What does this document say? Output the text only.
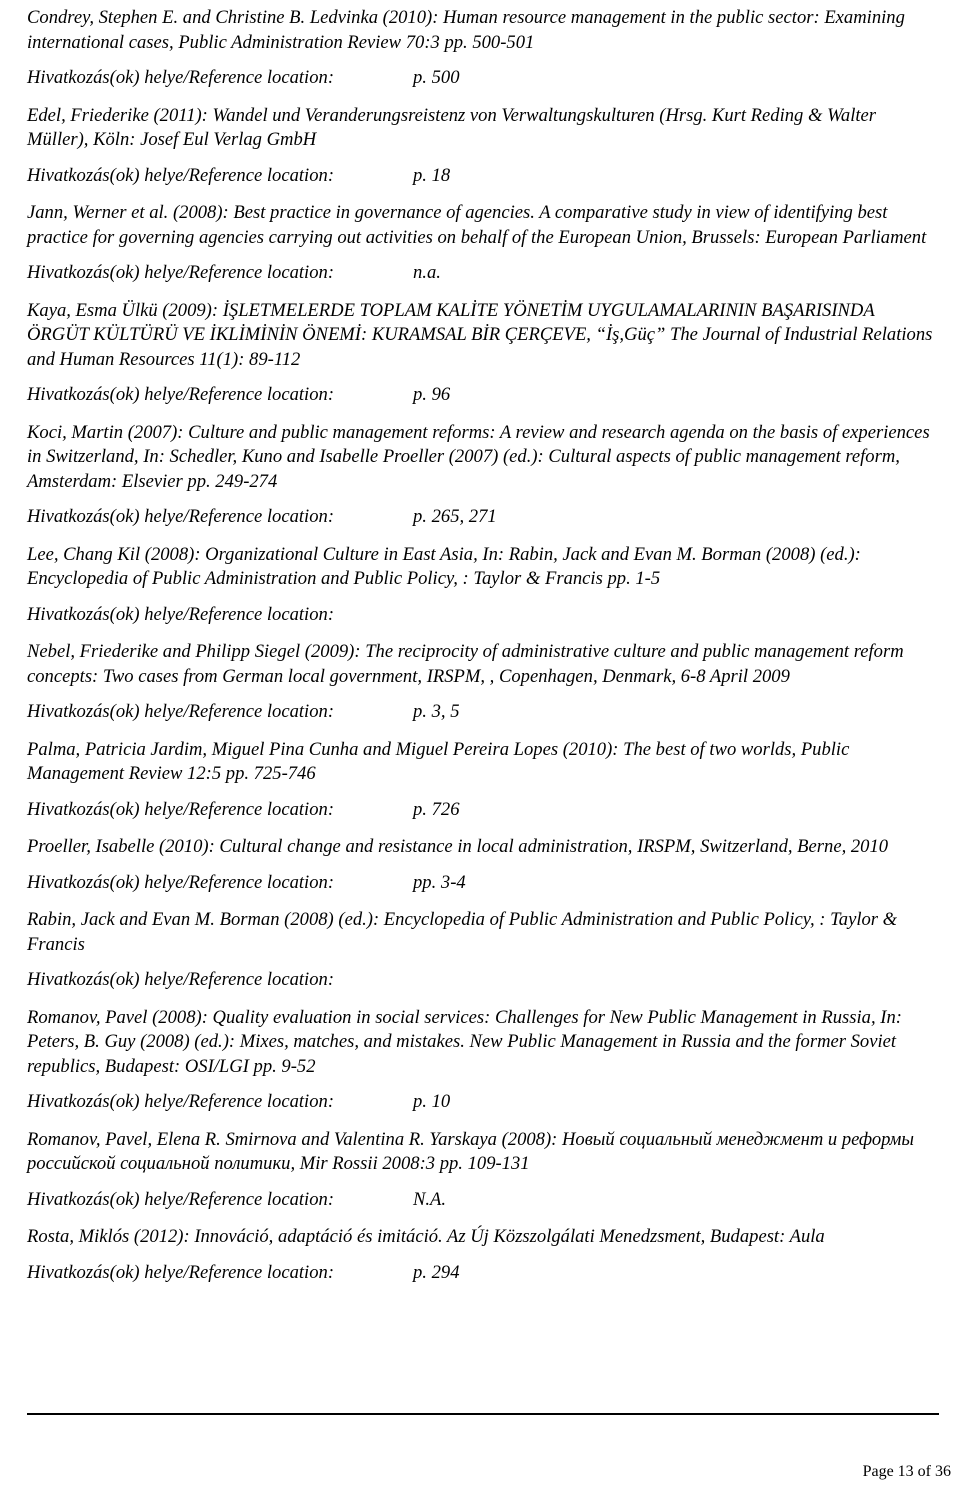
Condrey, Stephen E. and Christine B. Ledvinka (2010): Human resource management in the public sector: Examining international cases, Public Administration Review 70:3 pp. 500-501

Hivatkozás(ok) helye/Reference location:	p. 500

Edel, Friederike (2011): Wandel und Veranderungsreistenz von Verwaltungskulturen (Hrsg. Kurt Reding & Walter Müller), Köln: Josef Eul Verlag GmbH

Hivatkozás(ok) helye/Reference location:	p. 18

Jann, Werner et al. (2008): Best practice in governance of agencies. A comparative study in view of identifying best practice for governing agencies carrying out activities on behalf of the European Union, Brussels: European Parliament

Hivatkozás(ok) helye/Reference location:	n.a.

Kaya, Esma Ülkü (2009): İŞLETMELERDE TOPLAM KALİTE YÖNETİM UYGULAMALARININ BAŞARISINDA ÖRGÜT KÜLTÜRÜ VE İKLİMİNİN ÖNEMİ: KURAMSAL BİR ÇERÇEVE, “İş,Güç” The Journal of Industrial Relations and Human Resources 11(1): 89-112

Hivatkozás(ok) helye/Reference location:	p. 96

Koci, Martin (2007): Culture and public management reforms: A review and research agenda on the basis of experiences in Switzerland, In: Schedler, Kuno and Isabelle Proeller (2007) (ed.): Cultural aspects of public management reform, Amsterdam: Elsevier pp. 249-274

Hivatkozás(ok) helye/Reference location:	p. 265, 271

Lee, Chang Kil (2008): Organizational Culture in East Asia, In: Rabin, Jack and Evan M. Borman (2008) (ed.): Encyclopedia of Public Administration and Public Policy, : Taylor & Francis pp. 1-5

Hivatkozás(ok) helye/Reference location:

Nebel, Friederike and Philipp Siegel (2009): The reciprocity of administrative culture and public management reform concepts: Two cases from German local government, IRSPM, , Copenhagen, Denmark, 6-8 April 2009

Hivatkozás(ok) helye/Reference location:	p. 3, 5

Palma, Patricia Jardim, Miguel Pina Cunha and Miguel Pereira Lopes (2010): The best of two worlds, Public Management Review 12:5 pp. 725-746

Hivatkozás(ok) helye/Reference location:	p. 726

Proeller, Isabelle (2010): Cultural change and resistance in local administration, IRSPM, Switzerland, Berne, 2010

Hivatkozás(ok) helye/Reference location:	pp. 3-4

Rabin, Jack and Evan M. Borman (2008) (ed.): Encyclopedia of Public Administration and Public Policy, : Taylor & Francis

Hivatkozás(ok) helye/Reference location:

Romanov, Pavel (2008): Quality evaluation in social services: Challenges for New Public Management in Russia, In: Peters, B. Guy (2008) (ed.): Mixes, matches, and mistakes. New Public Management in Russia and the former Soviet republics, Budapest: OSI/LGI pp. 9-52

Hivatkozás(ok) helye/Reference location:	p. 10

Romanov, Pavel, Elena R. Smirnova and Valentina R. Yarskaya (2008): Новый социальный менеджмент и реформы российской социальной политики, Mir Rossii 2008:3 pp. 109-131

Hivatkozás(ok) helye/Reference location:	N.A.

Rosta, Miklós (2012): Innováció, adaptáció és imitáció. Az Új Közszolgálati Menedzsment, Budapest: Aula

Hivatkozás(ok) helye/Reference location:	p. 294
Page 13 of 36
